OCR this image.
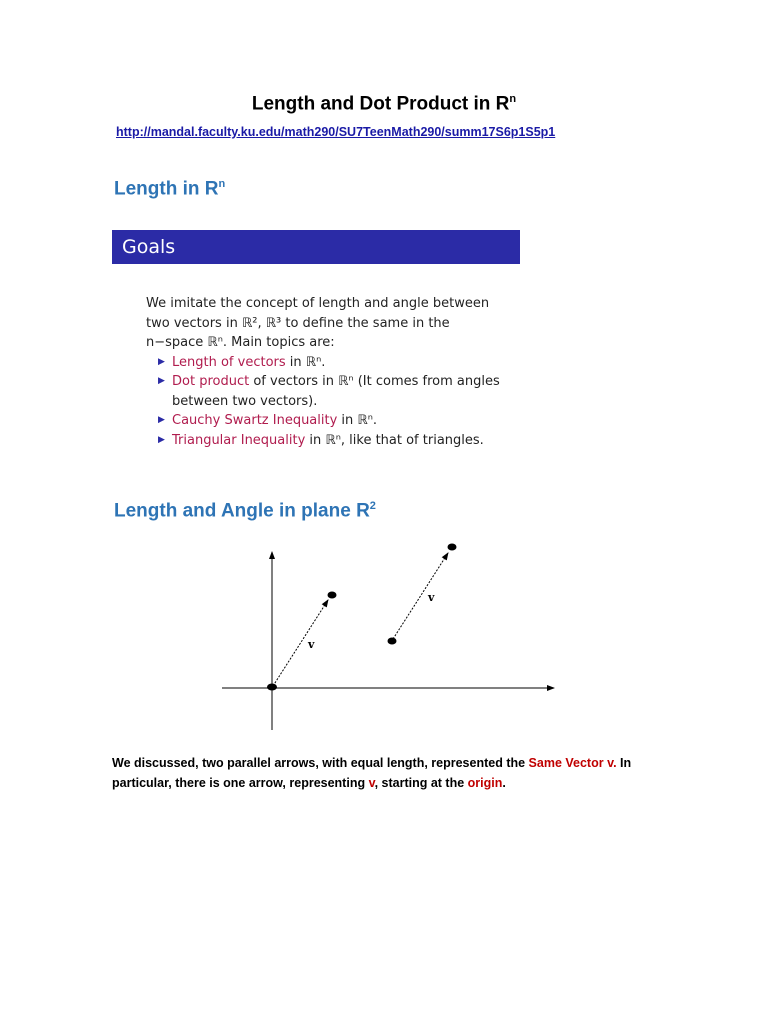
Length and Dot Product in $R^n$
http://mandal.faculty.ku.edu/math290/SU7TeenMath290/summ17S6p1S5p1
Length in $R^n$
Goals

We imitate the concept of length and angle between two vectors in ℝ², ℝ³ to define the same in the n−space ℝⁿ. Main topics are:

▶ Length of vectors in ℝⁿ.
▶ Dot product of vectors in ℝⁿ (It comes from angles between two vectors).
▶ Cauchy Swartz Inequality in ℝⁿ.
▶ Triangular Inequality in ℝⁿ, like that of triangles.
Length and Angle in plane $R^2$
v
v
We discussed, two parallel arrows, with equal length, represented the Same Vector v. In particular, there is one arrow, representing v, starting at the origin.
